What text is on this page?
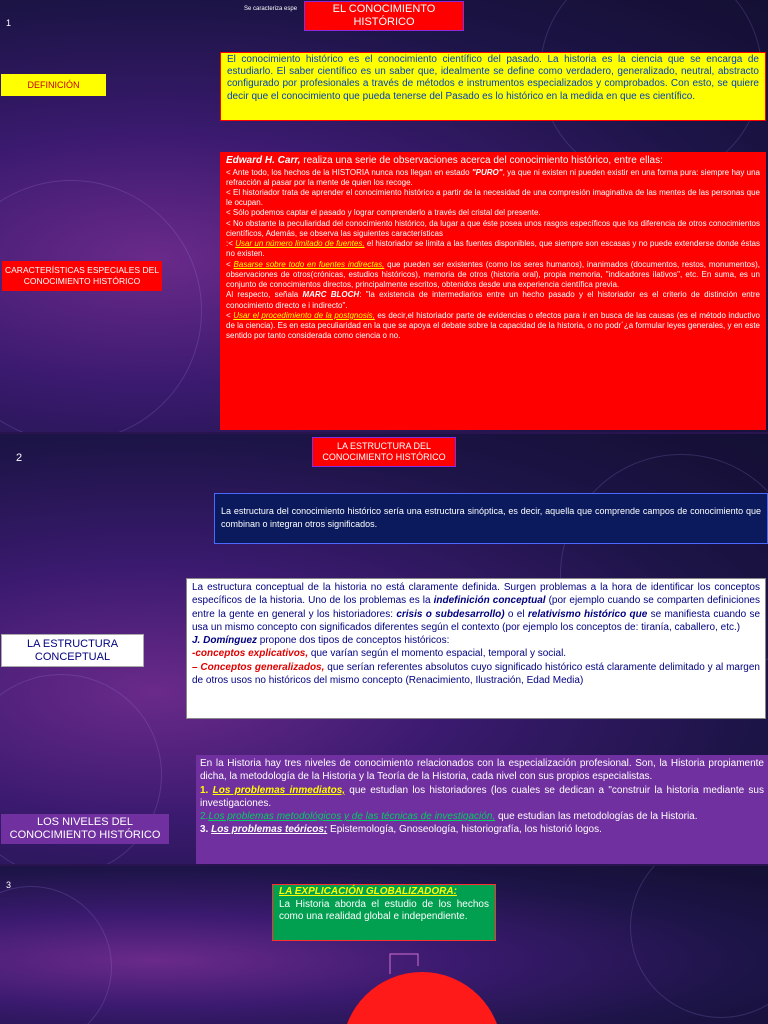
1
Se caracteriza espe	EL CONOCIMIENTO HISTÓRICO
DEFINICIÓN
El conocimiento histórico es el conocimiento científico del pasado. La historia es la ciencia que se encarga de estudiarlo. El saber científico es un saber que, idealmente se define como verdadero, generalizado, neutral, abstracto configurado por profesionales a través de métodos e instrumentos especializados y comprobados. Con esto, se quiere decir que el conocimiento que pueda tenerse del Pasado es lo histórico en la medida en que es científico.
CARACTERÍSTICAS ESPECIALES DEL CONOCIMIENTO HISTÓRICO

Edward H. Carr, realiza una serie de observaciones acerca del conocimiento histórico, entre ellas:

< Ante todo, los hechos de la HISTORIA nunca nos llegan en estado "PURO", ya que ni existen ni pueden existir en una forma pura: siempre hay una refracción al pasar por la mente de quien los recoge.

< El historiador trata de aprender el conocimiento histórico a partir de la necesidad de una compresión imaginativa de las mentes de las personas que le ocupan.

< Sólo podemos captar el pasado y lograr comprenderlo a través del cristal del presente.

< No obstante la peculiaridad del conocimiento histórico, da lugar a que éste posea unos rasgos específicos que los diferencia de otros conocimientos científicos, Además, se observa las siguientes características

:< Usar un número limitado de fuentes, el historiador se limita a las fuentes disponibles, que siempre son escasas y no puede extenderse donde éstas no existen.

< Basarse sobre todo en fuentes indirectas, que pueden ser existentes (como los seres humanos), inanimados (documentos, restos, monumentos), observaciones de otros(crónicas, estudios históricos), memoria de otros (historia oral), propia memoria, "indicadores ilativos", etc. En suma, es un conjunto de conocimientos directos, principalmente escritos, obtenidos desde una experiencia científica previa.

Al respecto, señala MARC BLOCH: "la existencia de intermediarios entre un hecho pasado y el historiador es el criterio de distinción entre conocimiento directo e i indirecto".

< Usar el procedimiento de la postgnosis, es decir,el historiador parte de evidencias o efectos para ir en busca de las causas (es el método inductivo de la ciencia). Es en esta peculiaridad en la que se apoya el debate sobre la capacidad de la historia, o no podr´¿a formular leyes generales, y en este sentido por tanto considerada como ciencia o no.

2
LA ESTRUCTURA DEL CONOCIMIENTO HISTÓRICO
La estructura del conocimiento histórico sería una estructura sinóptica, es decir, aquella que comprende campos de conocimiento que combinan o integran otros significados.
LA ESTRUCTURA CONCEPTUAL

La estructura conceptual de la historia no está claramente definida. Surgen problemas a la hora de identificar los conceptos específicos de la historia. Uno de los problemas es la indefinición conceptual (por ejemplo cuando se comparten definiciones entre la gente en general y los historiadores: crisis o subdesarrollo) o el relativismo histórico que se manifiesta cuando se usa un mismo concepto con significados diferentes según el contexto (por ejemplo los conceptos de: tiranía, caballero, etc.)

J. Domínguez propone dos tipos de conceptos históricos:

-conceptos explicativos, que varían según el momento espacial, temporal y social.

– Conceptos generalizados, que serían referentes absolutos cuyo significado histórico está claramente delimitado y al margen de otros usos no históricos del mismo concepto (Renacimiento, Ilustración, Edad Media)

LOS NIVELES DEL CONOCIMIENTO HISTÓRICO

En la Historia hay tres niveles de conocimiento relacionados con la especialización profesional. Son, la Historia propiamente dicha, la metodología de la Historia y la Teoría de la Historia, cada nivel con sus propios especialistas.

1. Los problemas inmediatos, que estudian los historiadores (los cuales se dedican a "construir la historia mediante sus investigaciones.

2.Los problemas metodológicos y de las técnicas de investigación, que estudian las metodologías de la Historia.

3. Los problemas teóricos; Epistemología, Gnoseología, historiografía, los historió logos.

3

LA EXPLICACIÓN GLOBALIZADORA:

La Historia aborda el estudio de los hechos como una realidad global e independiente.
